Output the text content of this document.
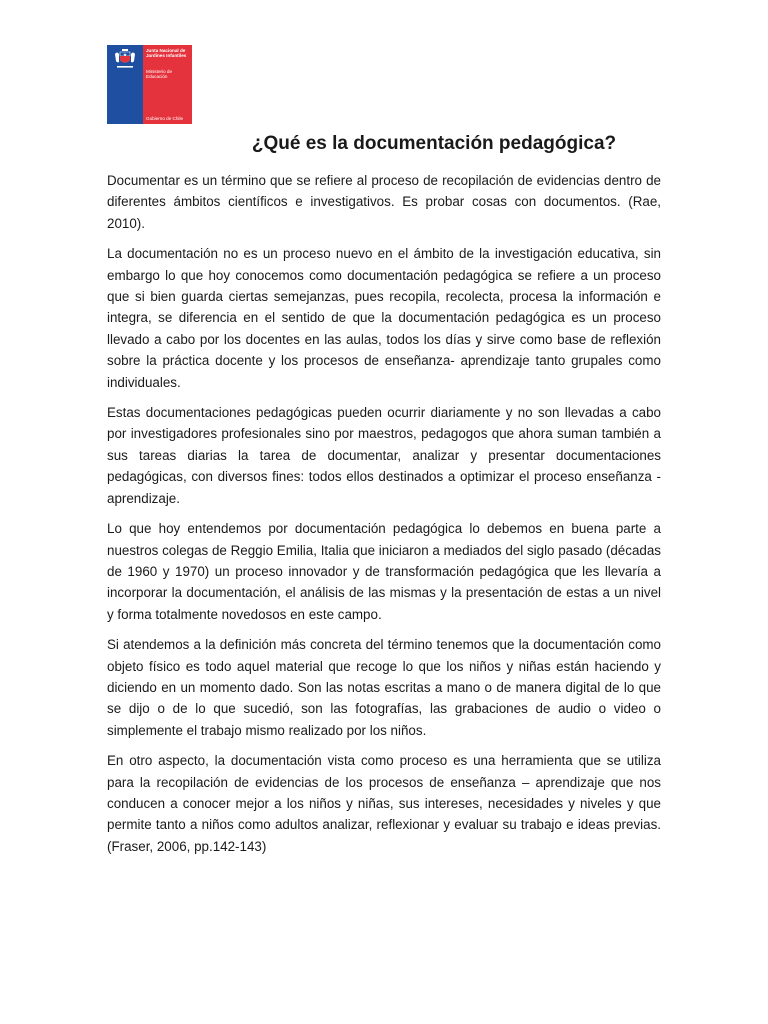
Junta Nacional de Jardines Infantiles
Ministerio de Educación
Gobierno de Chile
¿Qué es la documentación pedagógica?

Documentar es un término que se refiere al proceso de recopilación de evidencias dentro de diferentes ámbitos científicos e investigativos. Es probar cosas con documentos. (Rae, 2010).

La documentación no es un proceso nuevo en el ámbito de la investigación educativa, sin embargo lo que hoy conocemos como documentación pedagógica se refiere a un proceso que si bien guarda ciertas semejanzas, pues recopila, recolecta, procesa la información e integra, se diferencia en el sentido de que la documentación pedagógica es un proceso llevado a cabo por los docentes en las aulas, todos los días y sirve como base de reflexión sobre la práctica docente y los procesos de enseñanza- aprendizaje tanto grupales como individuales.

Estas documentaciones pedagógicas pueden ocurrir diariamente y no son llevadas a cabo por investigadores profesionales sino por maestros, pedagogos que ahora suman también a sus tareas diarias la tarea de documentar, analizar y presentar documentaciones pedagógicas, con diversos fines: todos ellos destinados a optimizar el proceso enseñanza - aprendizaje.

Lo que hoy entendemos por documentación pedagógica lo debemos en buena parte a nuestros colegas de Reggio Emilia, Italia que iniciaron a mediados del siglo pasado (décadas de 1960 y 1970) un proceso innovador y de transformación pedagógica que les llevaría a incorporar la documentación, el análisis de las mismas y la presentación de estas a un nivel y forma totalmente novedosos en este campo.

Si atendemos a la definición más concreta del término tenemos que la documentación como objeto físico es todo aquel material que recoge lo que los niños y niñas están haciendo y diciendo en un momento dado. Son las notas escritas a mano o de manera digital de lo que se dijo o de lo que sucedió, son las fotografías, las grabaciones de audio o video o simplemente el trabajo mismo realizado por los niños.

En otro aspecto, la documentación vista como proceso es una herramienta que se utiliza para la recopilación de evidencias de los procesos de enseñanza – aprendizaje que nos conducen a conocer mejor a los niños y niñas, sus intereses, necesidades y niveles y que permite tanto a niños como adultos analizar, reflexionar y evaluar su trabajo e ideas previas. (Fraser, 2006, pp.142-143)
